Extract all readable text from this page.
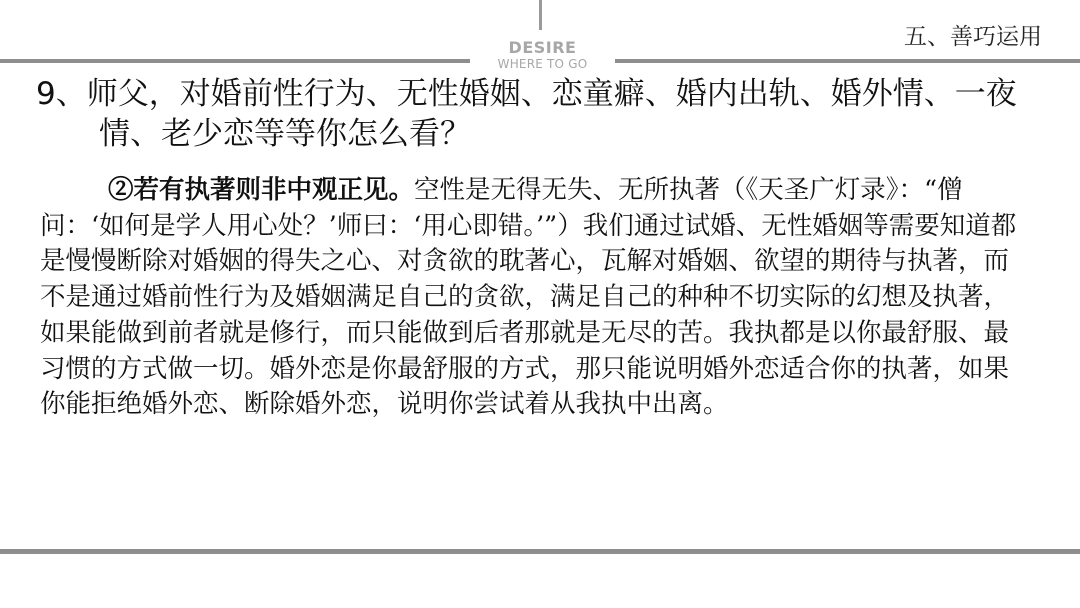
DESIRE
WHERE TO GO
五、善巧运用

9、师父，对婚前性行为、无性婚姻、恋童癖、婚内出轨、婚外情、一夜情、老少恋等等你怎么看？

②若有执著则非中观正见。空性是无得无失、无所执著（《天圣广灯录》：“僧问：‘如何是学人用心处？’师曰：‘用心即错。’”）我们通过试婚、无性婚姻等需要知道都是慢慢断除对婚姻的得失之心、对贪欲的耽著心，瓦解对婚姻、欲望的期待与执著，而不是通过婚前性行为及婚姻满足自己的贪欲，满足自己的种种不切实际的幻想及执著，如果能做到前者就是修行，而只能做到后者那就是无尽的苦。我执都是以你最舒服、最习惯的方式做一切。婚外恋是你最舒服的方式，那只能说明婚外恋适合你的执著，如果你能拒绝婚外恋、断除婚外恋，说明你尝试着从我执中出离。
